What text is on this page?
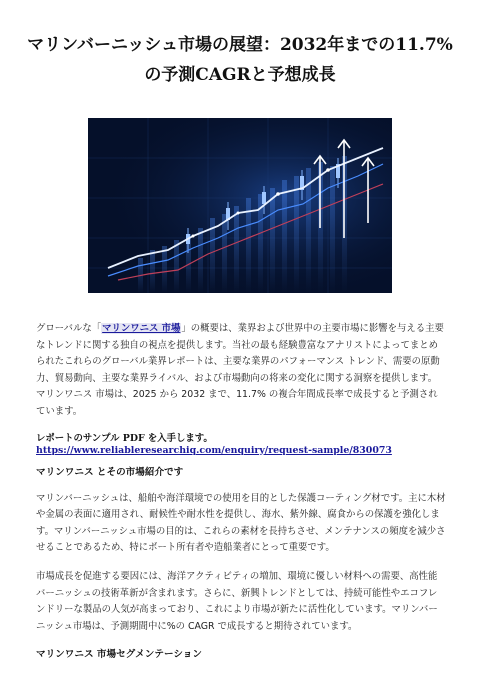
マリンバーニッシュ市場の展望：2032年までの11.7%の予測CAGRと予想成長

グローバルな「マリンワニス 市場」の概要は、業界および世界中の主要市場に影響を与える主要なトレンドに関する独自の視点を提供します。当社の最も経験豊富なアナリストによってまとめられたこれらのグローバル業界レポートは、主要な業界のパフォーマンス トレンド、需要の原動力、貿易動向、主要な業界ライバル、および市場動向の将来の変化に関する洞察を提供します。マリンワニス 市場は、2025 から 2032 まで、11.7% の複合年間成長率で成長すると予測されています。

レポートのサンプル PDF を入手します。 https://www.reliableresearchiq.com/enquiry/request-sample/830073

マリンワニス とその市場紹介です

マリンバーニッシュは、船舶や海洋環境での使用を目的とした保護コーティング材です。主に木材や金属の表面に適用され、耐候性や耐水性を提供し、海水、紫外線、腐食からの保護を強化します。マリンバーニッシュ市場の目的は、これらの素材を長持ちさせ、メンテナンスの頻度を減少させることであるため、特にボート所有者や造船業者にとって重要です。

市場成長を促進する要因には、海洋アクティビティの増加、環境に優しい材料への需要、高性能バーニッシュの技術革新が含まれます。さらに、新興トレンドとしては、持続可能性やエコフレンドリーな製品の人気が高まっており、これにより市場が新たに活性化しています。マリンバーニッシュ市場は、予測期間中に%の CAGR で成長すると期待されています。

マリンワニス 市場セグメンテーション
